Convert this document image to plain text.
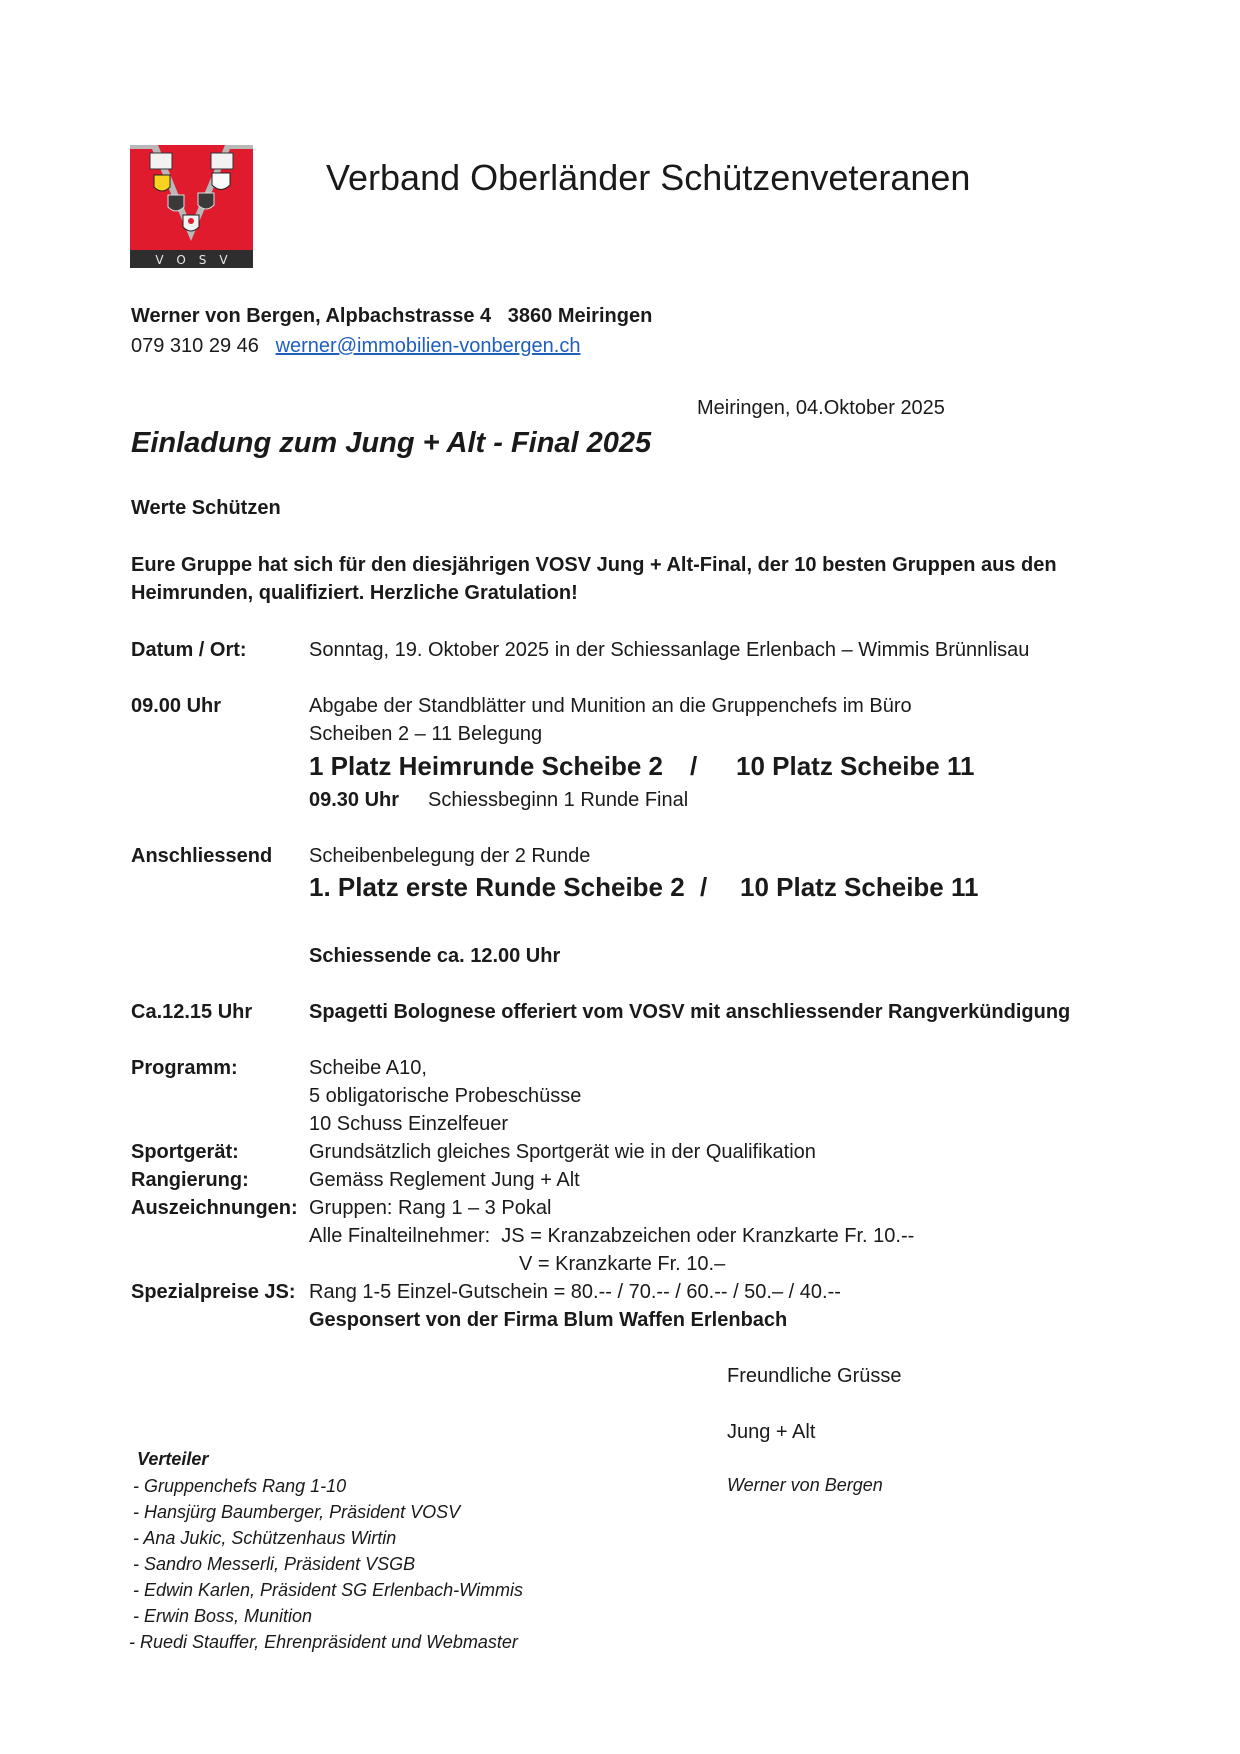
VOSV
Verband Oberländer Schützenveteranen
Werner von Bergen, Alpbachstrasse 4   3860 Meiringen
079 310 29 46 werner@immobilien-vonbergen.ch
Meiringen, 04.Oktober 2025
Einladung zum Jung + Alt - Final 2025
Werte Schützen
Eure Gruppe hat sich für den diesjährigen VOSV Jung + Alt-Final, der 10 besten Gruppen aus den
Heimrunden, qualifiziert. Herzliche Gratulation!
Datum / Ort:	Sonntag, 19. Oktober 2025 in der Schiessanlage Erlenbach – Wimmis Brünnlisau
09.00 Uhr	Abgabe der Standblätter und Munition an die Gruppenchefs im Büro
Scheiben 2 – 11 Belegung
1 Platz Heimrunde Scheibe 2 / 10 Platz Scheibe 11
09.30 Uhr Schiessbeginn 1 Runde Final
Anschliessend Scheibenbelegung der 2 Runde
1. Platz erste Runde Scheibe 2 / 10 Platz Scheibe 11
Schiessende ca. 12.00 Uhr
Ca.12.15 Uhr	Spagetti Bolognese offeriert vom VOSV mit anschliessender Rangverkündigung
Programm:	Scheibe A10,
5 obligatorische Probeschüsse
10 Schuss Einzelfeuer
Sportgerät:	Grundsätzlich gleiches Sportgerät wie in der Qualifikation
Rangierung:	Gemäss Reglement Jung + Alt
Auszeichnungen: Gruppen: Rang 1 – 3 Pokal
Alle Finalteilnehmer:  JS = Kranzabzeichen oder Kranzkarte Fr. 10.--
V = Kranzkarte Fr. 10.–
Spezialpreise JS: Rang 1-5 Einzel-Gutschein = 80.-- / 70.-- / 60.-- / 50.– / 40.--
Gesponsert von der Firma Blum Waffen Erlenbach
Freundliche Grüsse
Jung + Alt
Werner von Bergen
Verteiler
- Gruppenchefs Rang 1-10
- Hansjürg Baumberger, Präsident VOSV
- Ana Jukic, Schützenhaus Wirtin
- Sandro Messerli, Präsident VSGB
- Edwin Karlen, Präsident SG Erlenbach-Wimmis
- Erwin Boss, Munition
- Ruedi Stauffer, Ehrenpräsident und Webmaster
